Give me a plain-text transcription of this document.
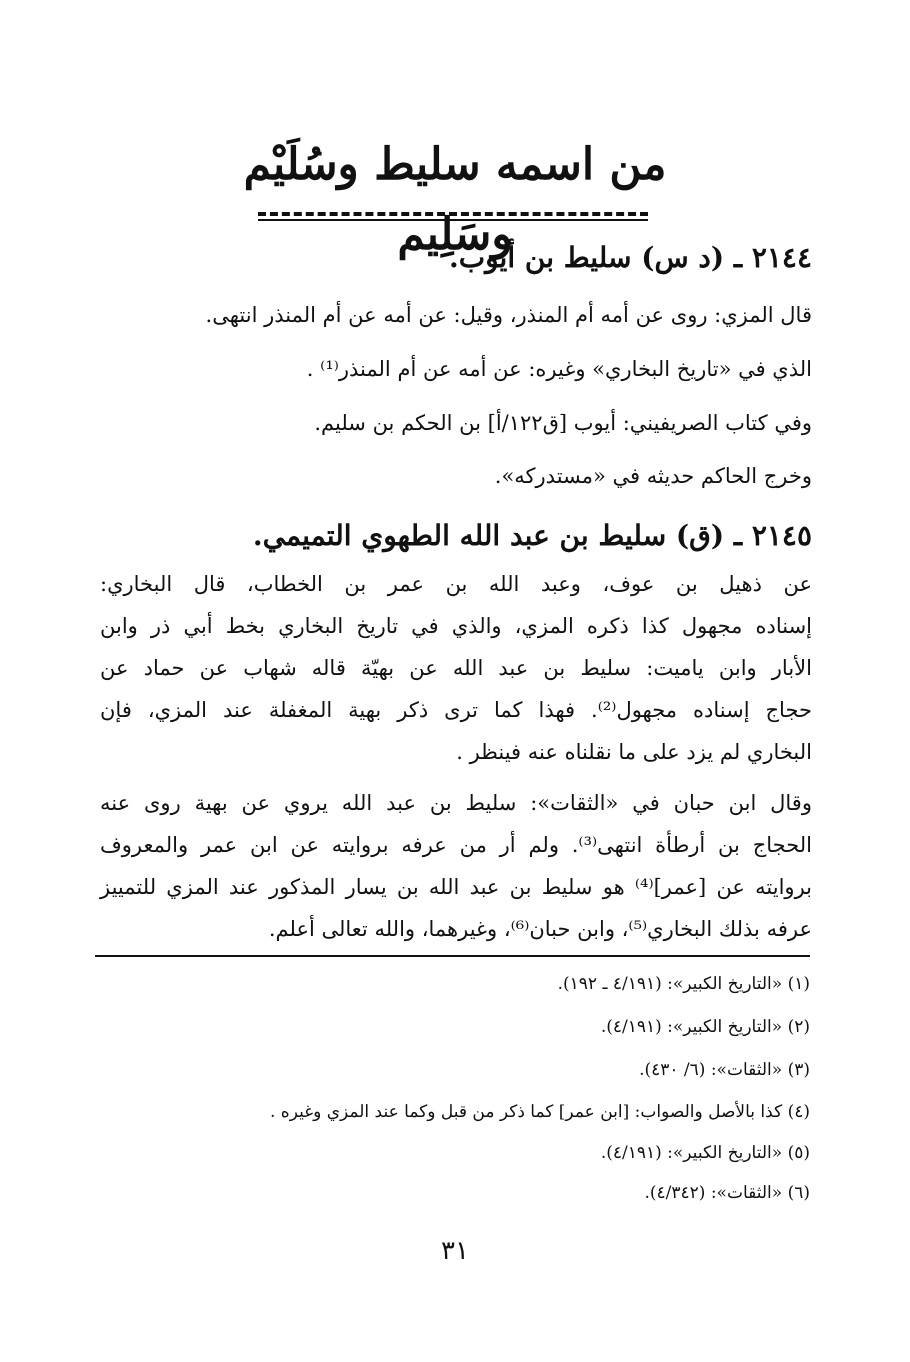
من اسمه سليط وسُلَيْم وسَلِيم
٢١٤٤ ـ (د س) سليط بن أيوب.
قال المزي: روى عن أمه أم المنذر، وقيل: عن أمه عن أم المنذر انتهى.
الذي في «تاريخ البخاري» وغيره: عن أمه عن أم المنذر⁽¹⁾ .
وفي كتاب الصريفيني: أيوب [ق١٢٢/أ] بن الحكم بن سليم.
وخرج الحاكم حديثه في «مستدركه».
٢١٤٥ ـ (ق) سليط بن عبد الله الطهوي التميمي.
عن ذهيل بن عوف، وعبد الله بن عمر بن الخطاب، قال البخاري:
إسناده مجهول كذا ذكره المزي، والذي في تاريخ البخاري بخط أبي ذر وابن
الأبار وابن ياميت: سليط بن عبد الله عن بهيّة قاله شهاب عن حماد عن
حجاج إسناده مجهول⁽²⁾. فهذا كما ترى ذكر بهية المغفلة عند المزي، فإن
البخاري لم يزد على ما نقلناه عنه فينظر .
وقال ابن حبان في «الثقات»: سليط بن عبد الله يروي عن بهية روى عنه
الحجاج بن أرطأة انتهى⁽³⁾. ولم أر من عرفه بروايته عن ابن عمر والمعروف
بروايته عن [عمر]⁽⁴⁾ هو سليط بن عبد الله بن يسار المذكور عند المزي للتمييز
عرفه بذلك البخاري⁽⁵⁾، وابن حبان⁽⁶⁾، وغيرهما، والله تعالى أعلم.
(١) «التاريخ الكبير»: (٤/١٩١ ـ ١٩٢).
(٢) «التاريخ الكبير»: (٤/١٩١).
(٣) «الثقات»: (٦/ ٤٣٠).
(٤) كذا بالأصل والصواب: [ابن عمر] كما ذكر من قبل وكما عند المزي وغيره .
(٥) «التاريخ الكبير»: (٤/١٩١).
(٦) «الثقات»: (٤/٣٤٢).
٣١
